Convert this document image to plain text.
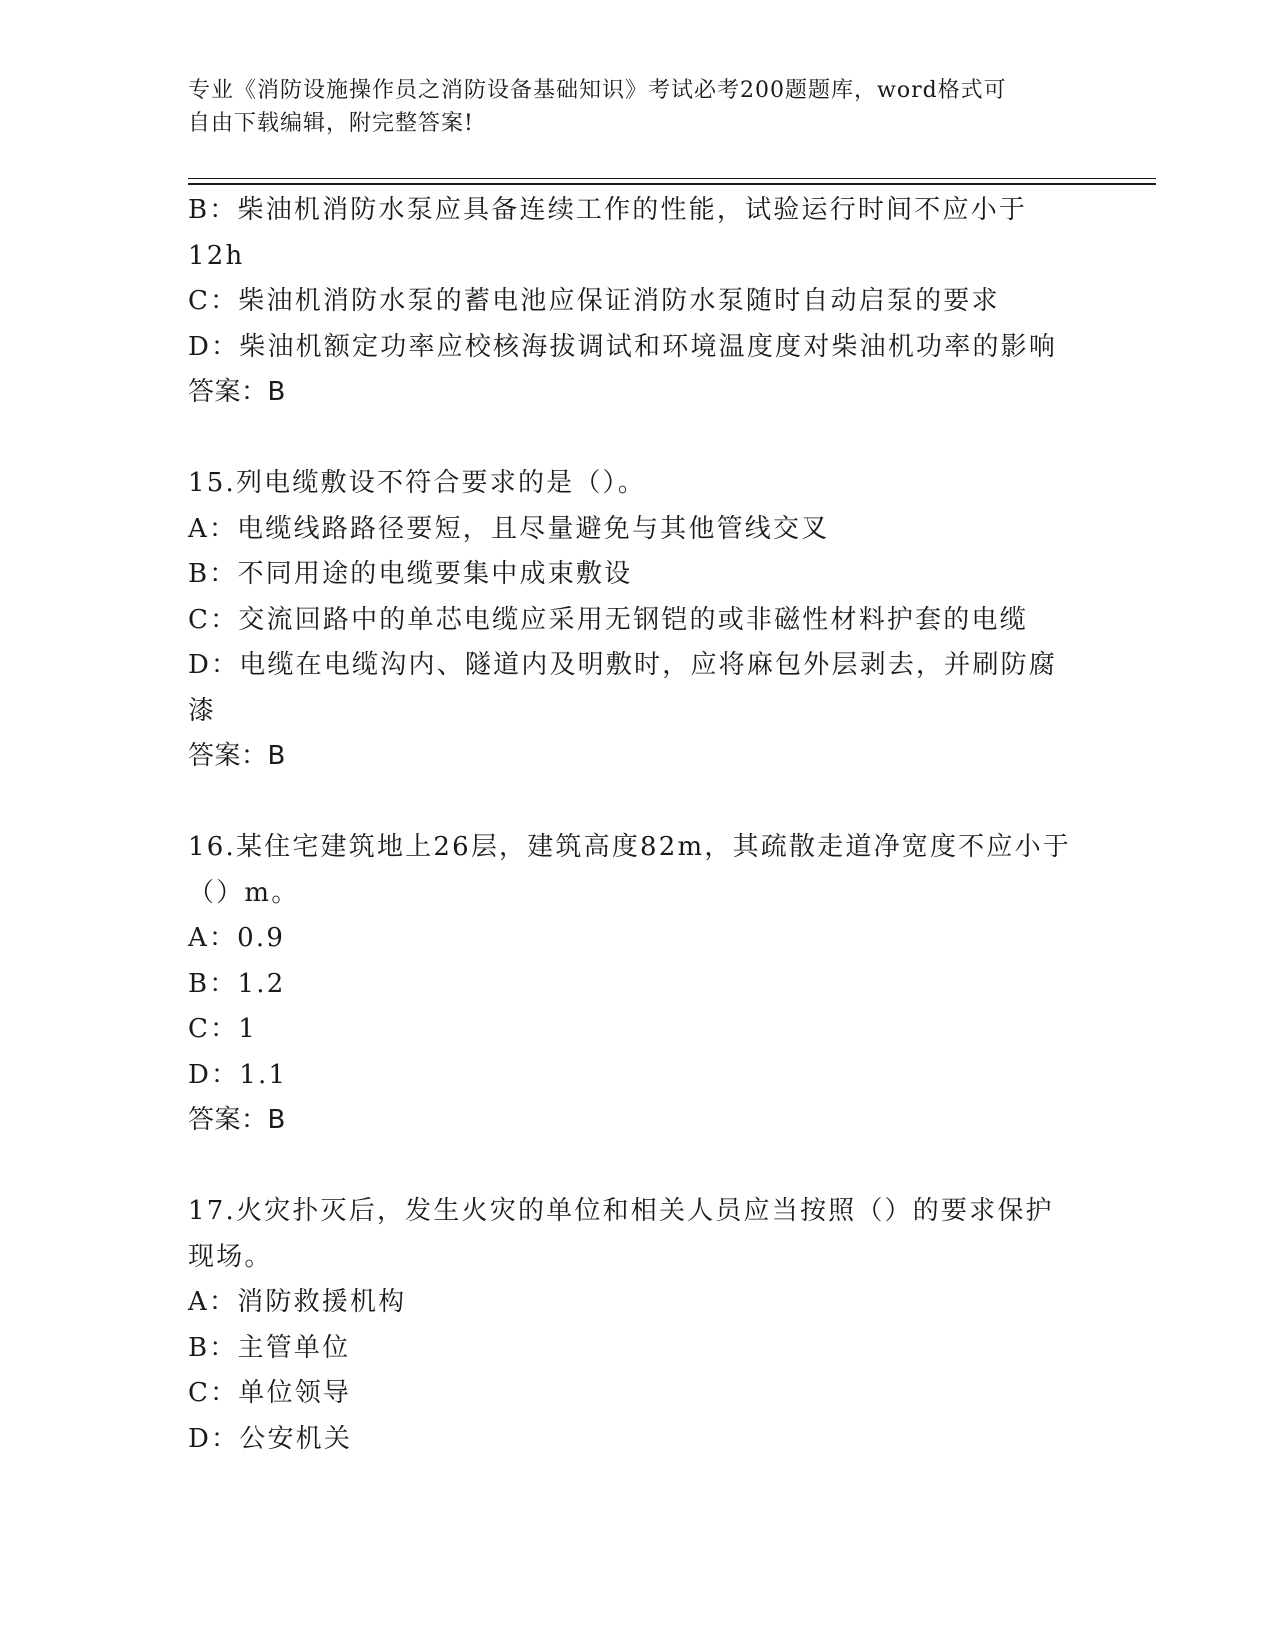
专业《消防设施操作员之消防设备基础知识》考试必考200题题库，word格式可
自由下载编辑，附完整答案!
B：柴油机消防水泵应具备连续工作的性能，试验运行时间不应小于
12h
C：柴油机消防水泵的蓄电池应保证消防水泵随时自动启泵的要求
D：柴油机额定功率应校核海拔调试和环境温度度对柴油机功率的影响
答案：B
15.列电缆敷设不符合要求的是（）。
A：电缆线路路径要短，且尽量避免与其他管线交叉
B：不同用途的电缆要集中成束敷设
C：交流回路中的单芯电缆应采用无钢铠的或非磁性材料护套的电缆
D：电缆在电缆沟内、隧道内及明敷时，应将麻包外层剥去，并刷防腐
漆
答案：B
16.某住宅建筑地上26层，建筑高度82m，其疏散走道净宽度不应小于
（）m。
A：0.9
B：1.2
C：1
D：1.1
答案：B
17.火灾扑灭后，发生火灾的单位和相关人员应当按照（）的要求保护
现场。
A：消防救援机构
B：主管单位
C：单位领导
D：公安机关
